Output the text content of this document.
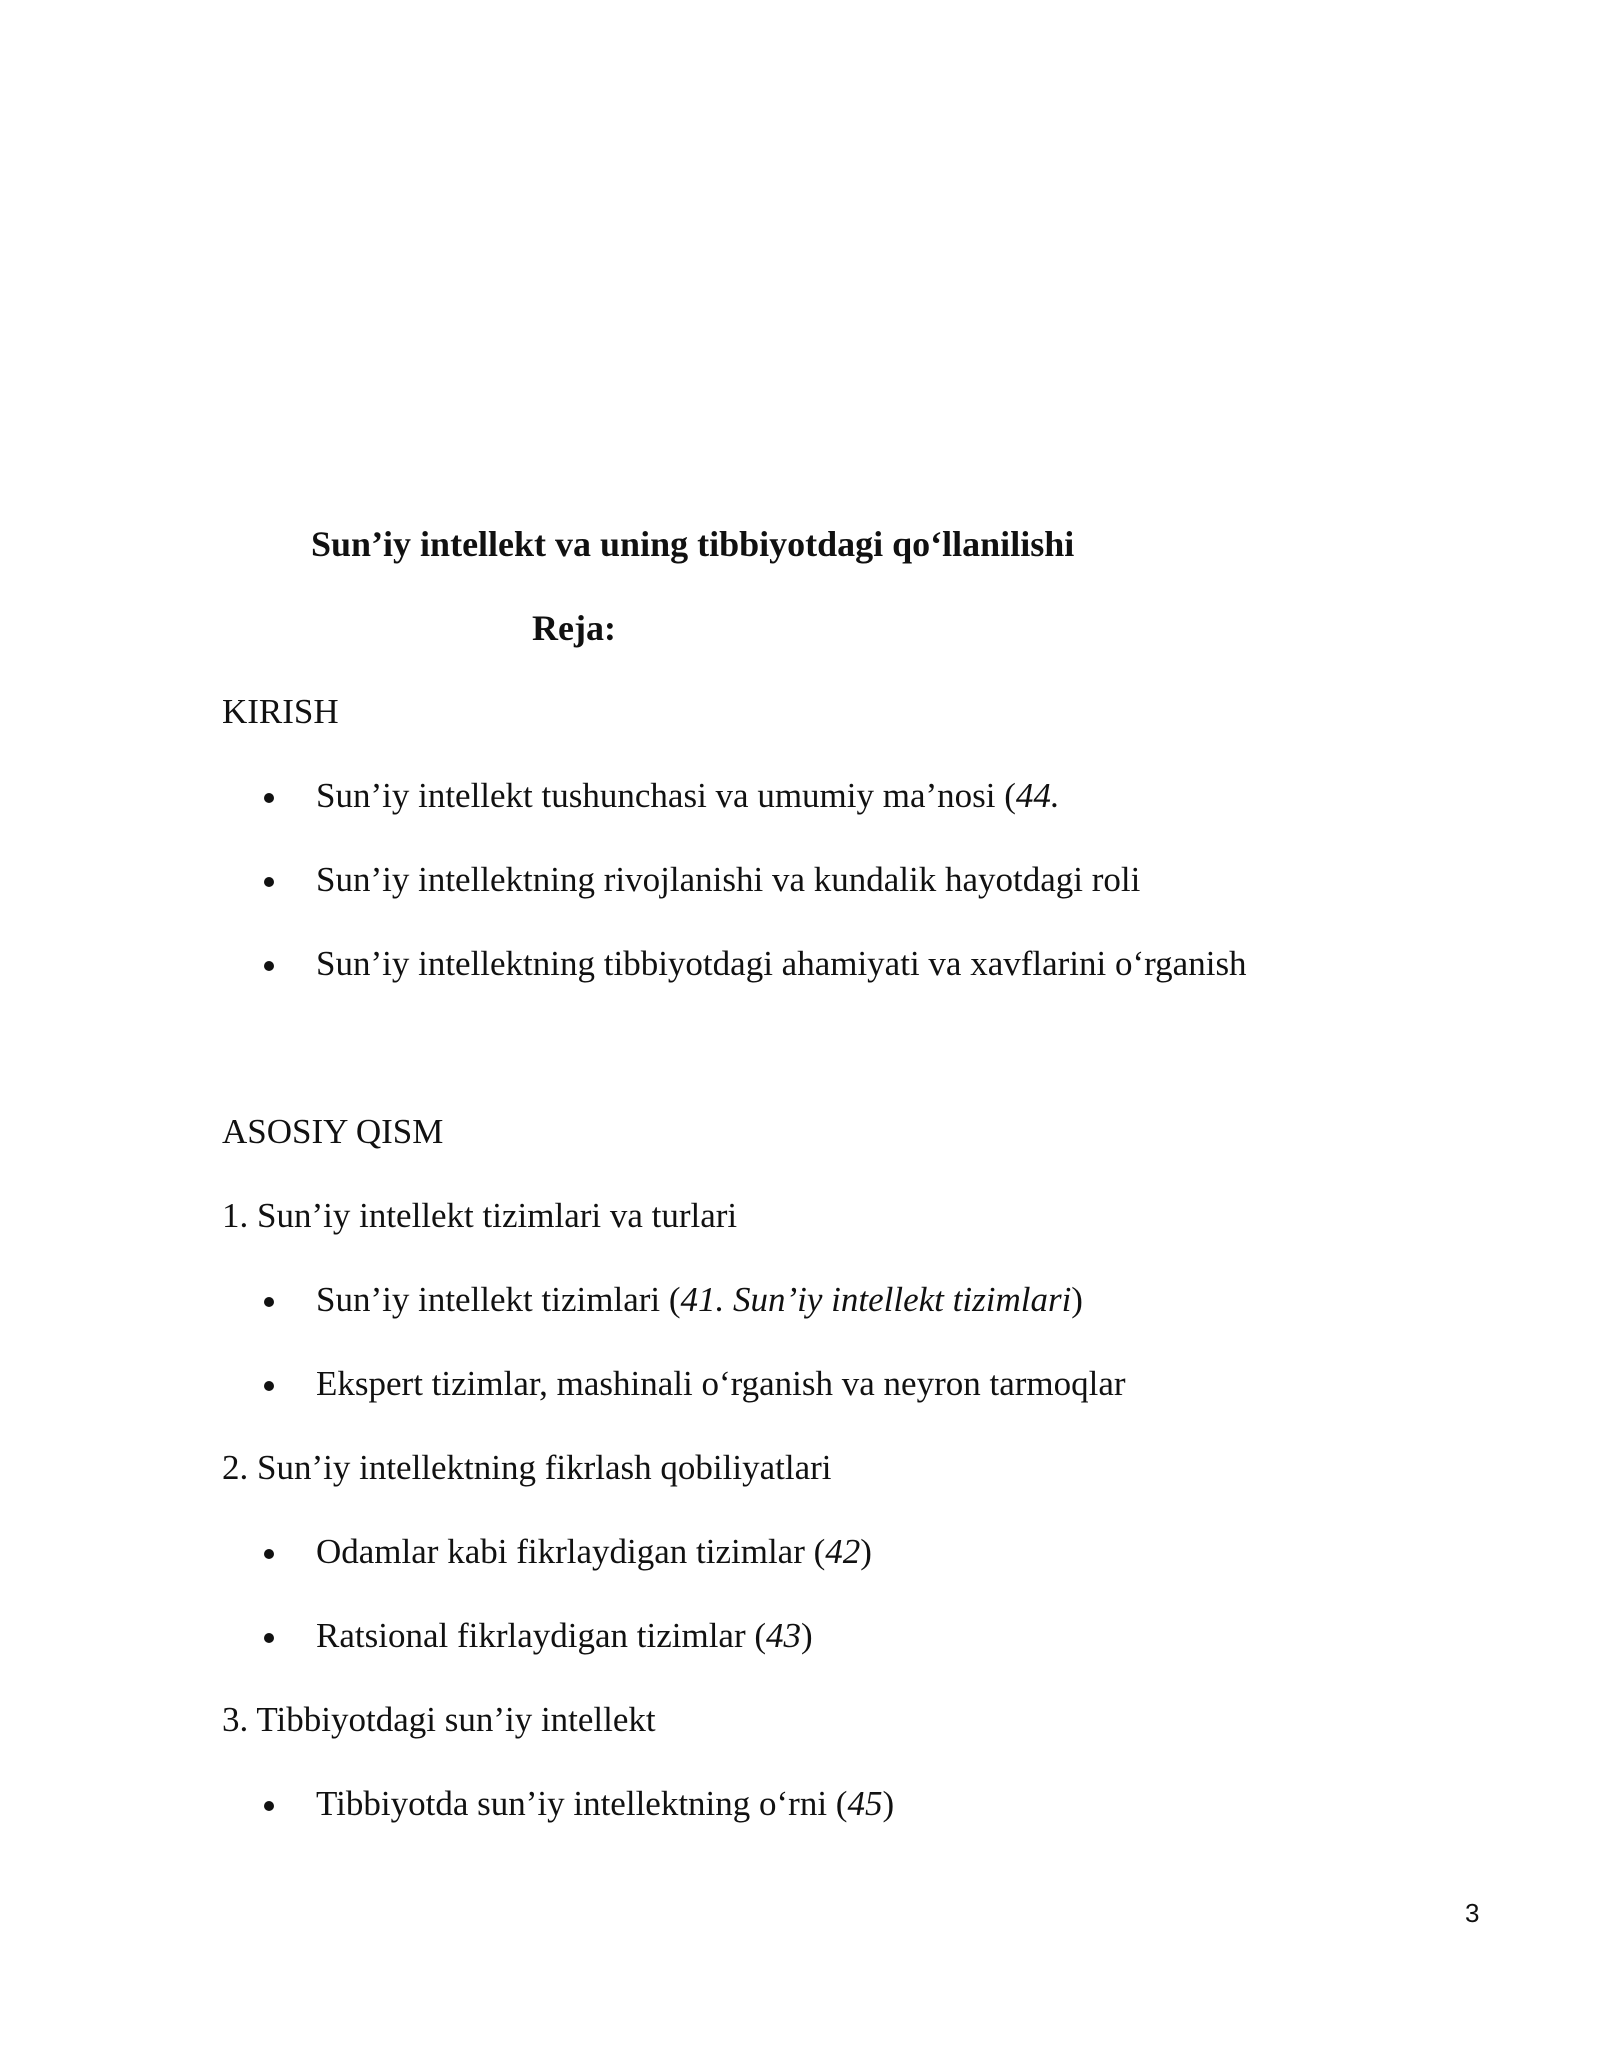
Sun’iy intellekt va uning tibbiyotdagi qo‘llanilishi
Reja:
KIRISH
Sun’iy intellekt tushunchasi va umumiy ma’nosi (44.
Sun’iy intellektning rivojlanishi va kundalik hayotdagi roli
Sun’iy intellektning tibbiyotdagi ahamiyati va xavflarini o‘rganish
ASOSIY QISM
1. Sun’iy intellekt tizimlari va turlari
Sun’iy intellekt tizimlari (41. Sun’iy intellekt tizimlari)
Ekspert tizimlar, mashinali o‘rganish va neyron tarmoqlar
2. Sun’iy intellektning fikrlash qobiliyatlari
Odamlar kabi fikrlaydigan tizimlar (42)
Ratsional fikrlaydigan tizimlar (43)
3. Tibbiyotdagi sun’iy intellekt
Tibbiyotda sun’iy intellektning o‘rni (45)
3
